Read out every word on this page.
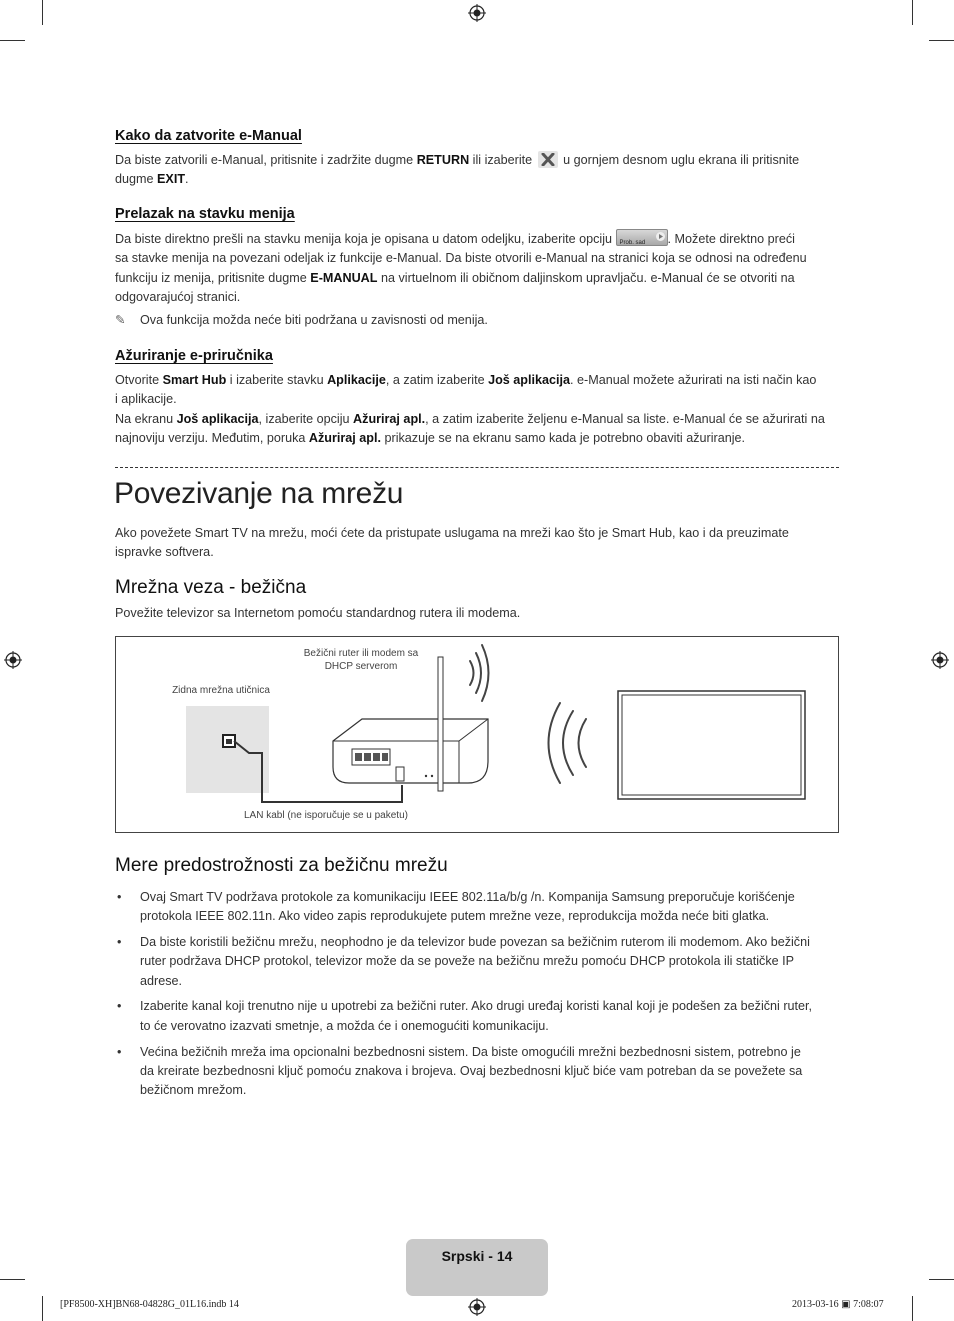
Kako da zatvorite e-Manual

Da biste zatvorili e-Manual, pritisnite i zadržite dugme RETURN ili izaberite
u gornjem desnom uglu ekrana ili pritisnite
dugme EXIT.

Prelazak na stavku menija

Da biste direktno prešli na stavku menija koja je opisana u datom odeljku, izaberite opciju Prob. sad . Možete direktno preći
sa stavke menija na povezani odeljak iz funkcije e-Manual. Da biste otvorili e-Manual na stranici koja se odnosi na određenu
funkciju iz menija, pritisnite dugme E-MANUAL na virtuelnom ili običnom daljinskom upravljaču. e-Manual će se otvoriti na
odgovarajućoj stranici.

✎ Ova funkcija možda neće biti podržana u zavisnosti od menija.

Ažuriranje e-priručnika

Otvorite Smart Hub i izaberite stavku Aplikacije, a zatim izaberite Još aplikacija. e-Manual možete ažurirati na isti način kao
i aplikacije.
Na ekranu Još aplikacija, izaberite opciju Ažuriraj apl., a zatim izaberite željenu e-Manual sa liste. e-Manual će se ažurirati na
najnoviju verziju. Međutim, poruka Ažuriraj apl. prikazuje se na ekranu samo kada je potrebno obaviti ažuriranje.

Povezivanje na mrežu

Ako povežete Smart TV na mrežu, moći ćete da pristupate uslugama na mreži kao što je Smart Hub, kao i da preuzimate
ispravke softvera.

Mrežna veza - bežična

Povežite televizor sa Internetom pomoću standardnog rutera ili modema.

Bežični ruter ili modem sa
DHCP serverom
Zidna mrežna utičnica
LAN kabl (ne isporučuje se u paketu)
Mere predostrožnosti za bežičnu mrežu
• Ovaj Smart TV podržava protokole za komunikaciju IEEE 802.11a/b/g /n. Kompanija Samsung preporučuje korišćenje
protokola IEEE 802.11n. Ako video zapis reprodukujete putem mrežne veze, reprodukcija možda neće biti glatka.
• Da biste koristili bežičnu mrežu, neophodno je da televizor bude povezan sa bežičnim ruterom ili modemom. Ako bežični
ruter podržava DHCP protokol, televizor može da se poveže na bežičnu mrežu pomoću DHCP protokola ili statičke IP
adrese.
• Izaberite kanal koji trenutno nije u upotrebi za bežični ruter. Ako drugi uređaj koristi kanal koji je podešen za bežični ruter,
to će verovatno izazvati smetnje, a možda će i onemogućiti komunikaciju.
• Većina bežičnih mreža ima opcionalni bezbednosni sistem. Da biste omogućili mrežni bezbednosni sistem, potrebno je
da kreirate bezbednosni ključ pomoću znakova i brojeva. Ovaj bezbednosni ključ biće vam potreban da se povežete sa
bežičnom mrežom.
Srpski - 14
[PF8500-XH]BN68-04828G_01L16.indb 14	2013-03-16 ▣ 7:08:07
